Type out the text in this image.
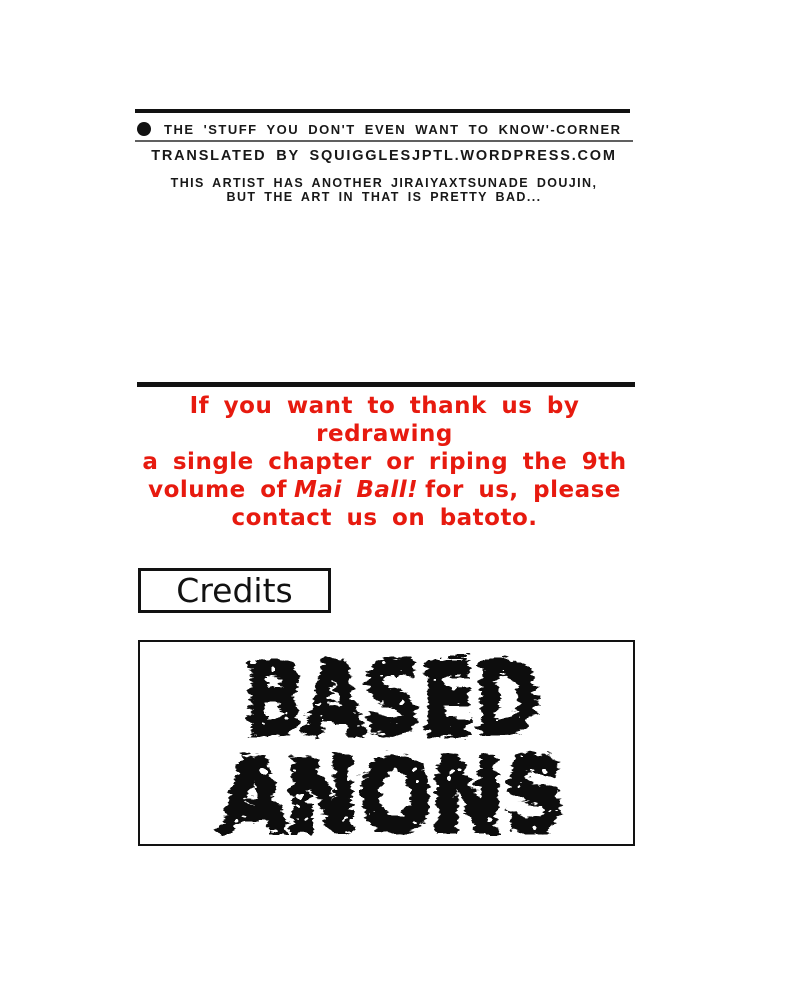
THE 'STUFF YOU DON'T EVEN WANT TO KNOW'-CORNER
TRANSLATED BY SQUIGGLESJPTL.WORDPRESS.COM
THIS ARTIST HAS ANOTHER JIRAIYAXTSUNADE DOUJIN,
BUT THE ART IN THAT IS PRETTY BAD...
If you want to thank us by redrawing
a single chapter or riping the 9th
volume of Mai Ball! for us, please
contact us on batoto.
Credits
BASED
ANONS
